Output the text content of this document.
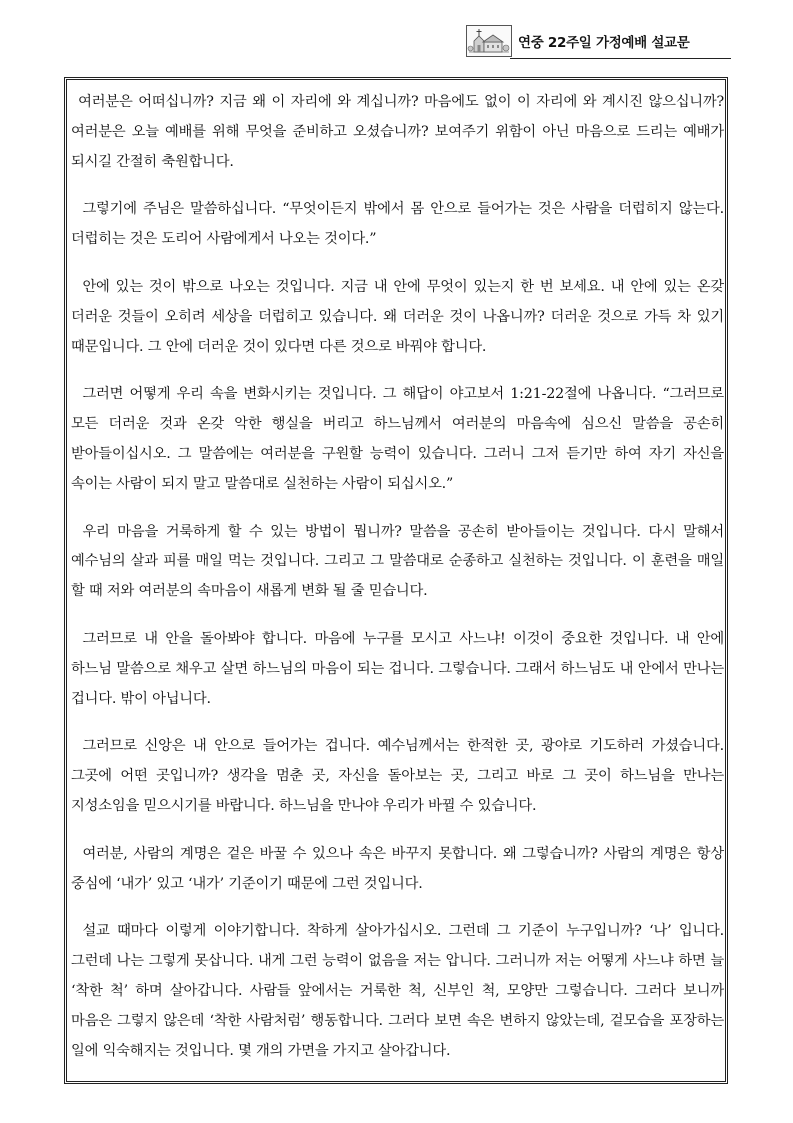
연중 22주일 가정예배 설교문

여러분은 어떠십니까? 지금 왜 이 자리에 와 계십니까? 마음에도 없이 이 자리에 와 계시진 않으십니까? 여러분은 오늘 예배를 위해 무엇을 준비하고 오셨습니까? 보여주기 위함이 아닌 마음으로 드리는 예배가 되시길 간절히 축원합니다.

그렇기에 주님은 말씀하십니다. “무엇이든지 밖에서 몸 안으로 들어가는 것은 사람을 더럽히지 않는다. 더럽히는 것은 도리어 사람에게서 나오는 것이다.”

안에 있는 것이 밖으로 나오는 것입니다. 지금 내 안에 무엇이 있는지 한 번 보세요. 내 안에 있는 온갖 더러운 것들이 오히려 세상을 더럽히고 있습니다. 왜 더러운 것이 나옵니까? 더러운 것으로 가득 차 있기 때문입니다. 그 안에 더러운 것이 있다면 다른 것으로 바꿔야 합니다.

그러면 어떻게 우리 속을 변화시키는 것입니다. 그 해답이 야고보서 1:21-22절에 나옵니다. “그러므로 모든 더러운 것과 온갖 악한 행실을 버리고 하느님께서 여러분의 마음속에 심으신 말씀을 공손히 받아들이십시오. 그 말씀에는 여러분을 구원할 능력이 있습니다. 그러니 그저 듣기만 하여 자기 자신을 속이는 사람이 되지 말고 말씀대로 실천하는 사람이 되십시오.”

우리 마음을 거룩하게 할 수 있는 방법이 뭡니까? 말씀을 공손히 받아들이는 것입니다. 다시 말해서 예수님의 살과 피를 매일 먹는 것입니다. 그리고 그 말씀대로 순종하고 실천하는 것입니다. 이 훈련을 매일 할 때 저와 여러분의 속마음이 새롭게 변화 될 줄 믿습니다.

그러므로 내 안을 돌아봐야 합니다. 마음에 누구를 모시고 사느냐! 이것이 중요한 것입니다. 내 안에 하느님 말씀으로 채우고 살면 하느님의 마음이 되는 겁니다. 그렇습니다. 그래서 하느님도 내 안에서 만나는 겁니다. 밖이 아닙니다.

그러므로 신앙은 내 안으로 들어가는 겁니다. 예수님께서는 한적한 곳, 광야로 기도하러 가셨습니다. 그곳에 어떤 곳입니까? 생각을 멈춘 곳, 자신을 돌아보는 곳, 그리고 바로 그 곳이 하느님을 만나는 지성소임을 믿으시기를 바랍니다. 하느님을 만나야 우리가 바뀔 수 있습니다.

여러분, 사람의 계명은 겉은 바꿀 수 있으나 속은 바꾸지 못합니다. 왜 그렇습니까? 사람의 계명은 항상 중심에 ‘내가’ 있고 ‘내가’ 기준이기 때문에 그런 것입니다.

설교 때마다 이렇게 이야기합니다. 착하게 살아가십시오. 그런데 그 기준이 누구입니까? ‘나’ 입니다. 그런데 나는 그렇게 못삽니다. 내게 그런 능력이 없음을 저는 압니다. 그러니까 저는 어떻게 사느냐 하면 늘 ‘착한 척’ 하며 살아갑니다. 사람들 앞에서는 거룩한 척, 신부인 척, 모양만 그렇습니다. 그러다 보니까 마음은 그렇지 않은데 ‘착한 사람처럼’ 행동합니다. 그러다 보면 속은 변하지 않았는데, 겉모습을 포장하는 일에 익숙해지는 것입니다. 몇 개의 가면을 가지고 살아갑니다.
